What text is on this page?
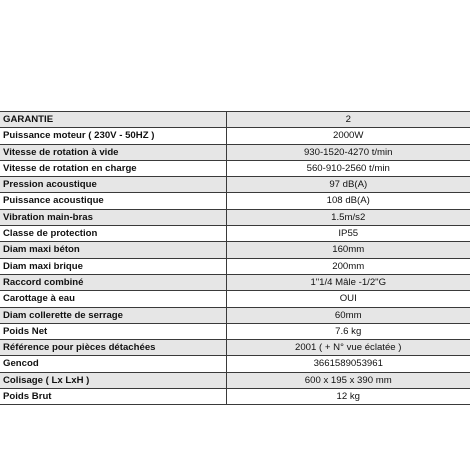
GARANTIE	2
Puissance moteur ( 230V - 50HZ )	2000W
Vitesse de rotation à vide	930-1520-4270 t/min
Vitesse de rotation en charge	560-910-2560 t/min
Pression acoustique	97 dB(A)
Puissance acoustique	108 dB(A)
Vibration main-bras	1.5m/s2
Classe de protection	IP55
Diam maxi béton	160mm
Diam maxi brique	200mm
Raccord combiné	1"1/4 Mâle -1/2"G
Carottage à eau	OUI
Diam collerette de serrage	60mm
Poids Net	7.6 kg
Référence pour pièces détachées	2001 ( + N° vue éclatée )
Gencod	3661589053961
Colisage ( Lx LxH )	600 x 195 x 390 mm
Poids Brut	12 kg
